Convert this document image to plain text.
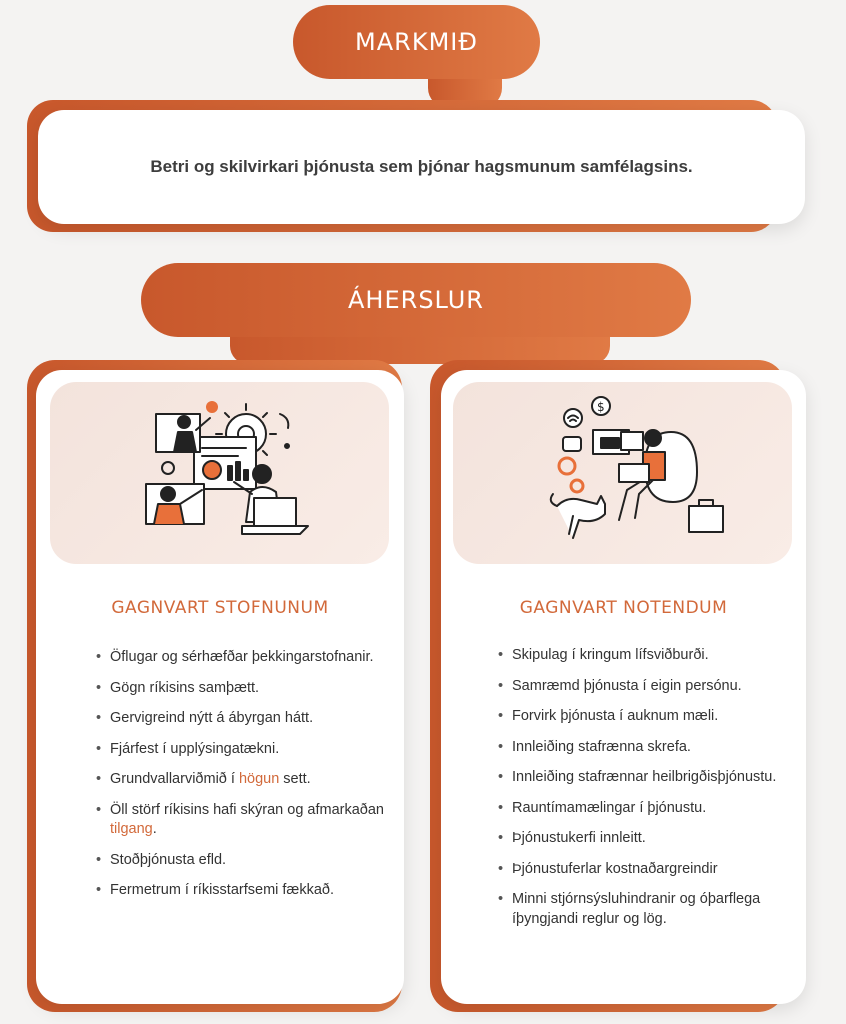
MARKMIÐ
Betri og skilvirkari þjónusta sem þjónar hagsmunum samfélagsins.
ÁHERSLUR
GAGNVART STOFNUNUM
• Öflugar og sérhæfðar þekkingarstofnanir.
• Gögn ríkisins samþætt.
• Gervigreind nýtt á ábyrgan hátt.
• Fjárfest í upplýsingatækni.
• Grundvallarviðmið í högun sett.
• Öll störf ríkisins hafi skýran og afmarkaðan tilgang.
• Stoðþjónusta efld.
• Fermetrum í ríkisstarfsemi fækkað.
$
GAGNVART NOTENDUM
• Skipulag í kringum lífsviðburði.
• Samræmd þjónusta í eigin persónu.
• Forvirk þjónusta í auknum mæli.
• Innleiðing stafrænna skrefa.
• Innleiðing stafrænnar heilbrigðisþjónustu.
• Rauntímamælingar í þjónustu.
• Þjónustukerfi innleitt.
• Þjónustuferlar kostnaðargreindir
• Minni stjórnsýsluhindranir og óþarflega íþyngjandi reglur og lög.
